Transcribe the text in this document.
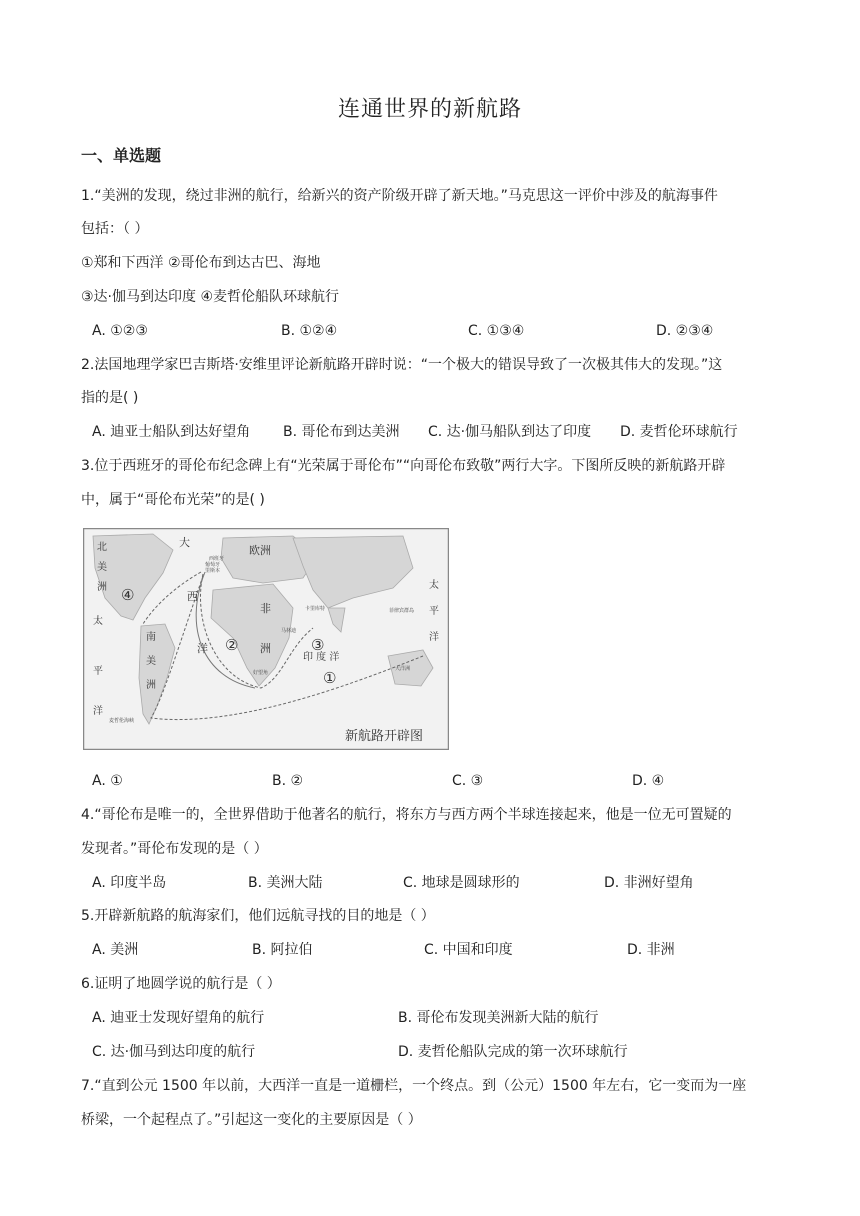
连通世界的新航路
一、单选题
1.“美洲的发现，绕过非洲的航行，给新兴的资产阶级开辟了新天地。”马克思这一评价中涉及的航海事件
包括：（ ）
①郑和下西洋 ②哥伦布到达古巴、海地
③达·伽马到达印度 ④麦哲伦船队环球航行
A. ①②③	B. ①②④	C. ①③④	D. ②③④
2.法国地理学家巴吉斯塔·安维里评论新航路开辟时说：“一个极大的错误导致了一次极其伟大的发现。”这
指的是( )
A. 迪亚士船队到达好望角 B. 哥伦布到达美洲 C. 达·伽马船队到达了印度 D. 麦哲伦环球航行
3.位于西班牙的哥伦布纪念碑上有“光荣属于哥伦布”“向哥伦布致敬”两行大字。下图所反映的新航路开辟
中，属于“哥伦布光荣”的是( )
北
美
洲
太
平
洋
南
美
洲
大
西
洋
欧洲
非
洲
印 度 洋
太
平
洋
大洋洲
西班牙
葡萄牙
里斯本
卡里库特
马林迪
好望角
菲律宾群岛
麦哲伦海峡
①
②	③
④
新航路开辟图
A. ①	B. ②	C. ③	D. ④
4.“哥伦布是唯一的，全世界借助于他著名的航行，将东方与西方两个半球连接起来，他是一位无可置疑的
发现者。”哥伦布发现的是（ ）
A. 印度半岛	B. 美洲大陆	C. 地球是圆球形的	D. 非洲好望角
5.开辟新航路的航海家们，他们远航寻找的目的地是（ ）
A. 美洲	B. 阿拉伯	C. 中国和印度	D. 非洲
6.证明了地圆学说的航行是（ ）
A. 迪亚士发现好望角的航行	B. 哥伦布发现美洲新大陆的航行
C. 达·伽马到达印度的航行	D. 麦哲伦船队完成的第一次环球航行
7.“直到公元 1500 年以前，大西洋一直是一道栅栏，一个终点。到（公元）1500 年左右，它一变而为一座
桥梁，一个起程点了。”引起这一变化的主要原因是（ ）
